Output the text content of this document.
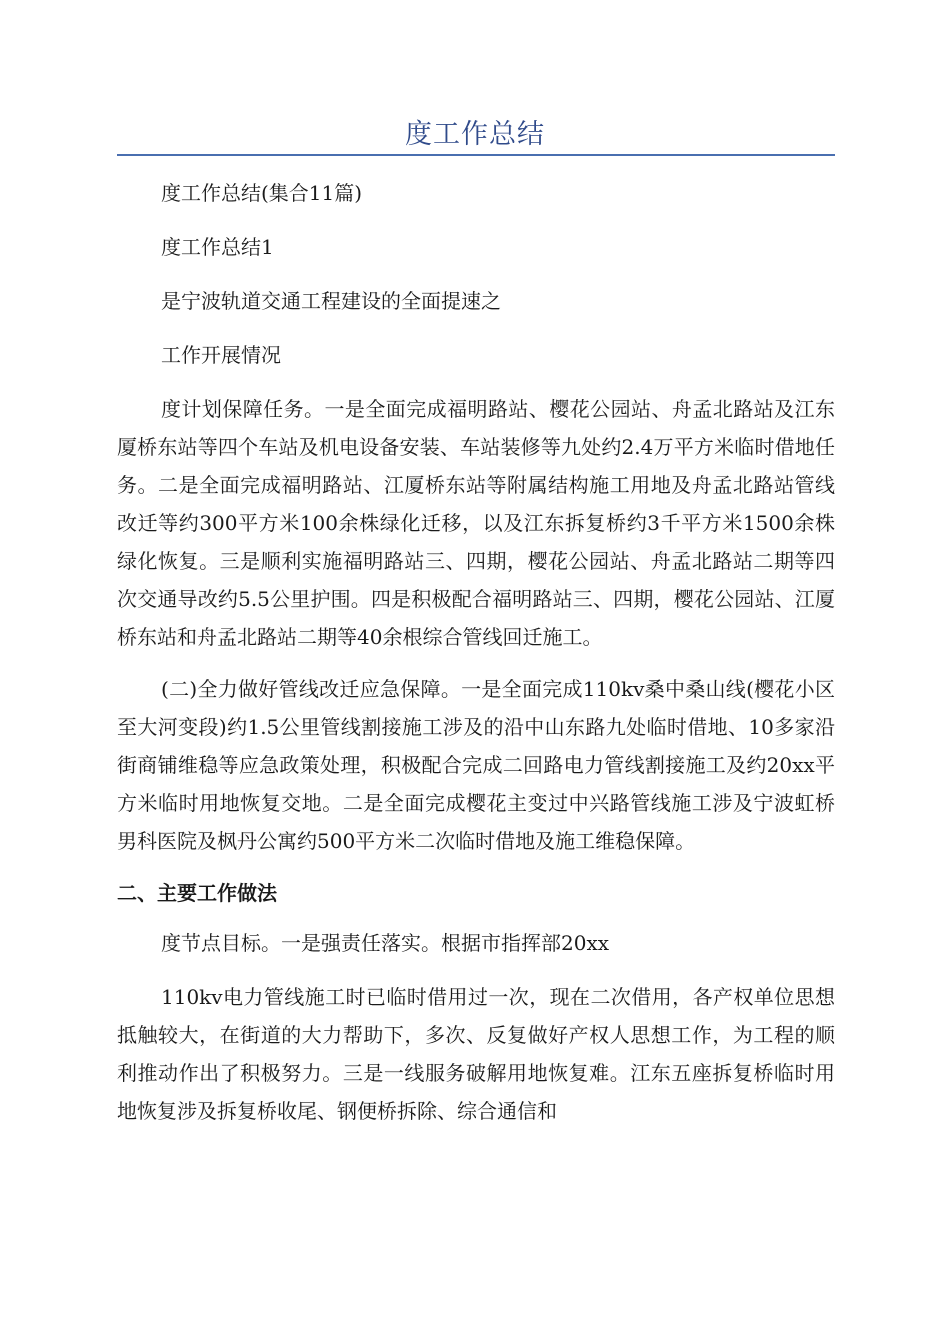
度工作总结

度工作总结(集合11篇)

度工作总结1

是宁波轨道交通工程建设的全面提速之

工作开展情况

度计划保障任务。一是全面完成福明路站、樱花公园站、舟孟北路站及江东厦桥东站等四个车站及机电设备安装、车站装修等九处约2.4万平方米临时借地任务。二是全面完成福明路站、江厦桥东站等附属结构施工用地及舟孟北路站管线改迁等约300平方米100余株绿化迁移，以及江东拆复桥约3千平方米1500余株绿化恢复。三是顺利实施福明路站三、四期，樱花公园站、舟孟北路站二期等四次交通导改约5.5公里护围。四是积极配合福明路站三、四期，樱花公园站、江厦桥东站和舟孟北路站二期等40余根综合管线回迁施工。

(二)全力做好管线改迁应急保障。一是全面完成110kv桑中桑山线(樱花小区至大河变段)约1.5公里管线割接施工涉及的沿中山东路九处临时借地、10多家沿街商铺维稳等应急政策处理，积极配合完成二回路电力管线割接施工及约20xx平方米临时用地恢复交地。二是全面完成樱花主变过中兴路管线施工涉及宁波虹桥男科医院及枫丹公寓约500平方米二次临时借地及施工维稳保障。

二、主要工作做法

度节点目标。一是强责任落实。根据市指挥部20xx

110kv电力管线施工时已临时借用过一次，现在二次借用，各产权单位思想抵触较大，在街道的大力帮助下，多次、反复做好产权人思想工作，为工程的顺利推动作出了积极努力。三是一线服务破解用地恢复难。江东五座拆复桥临时用地恢复涉及拆复桥收尾、钢便桥拆除、综合通信和
